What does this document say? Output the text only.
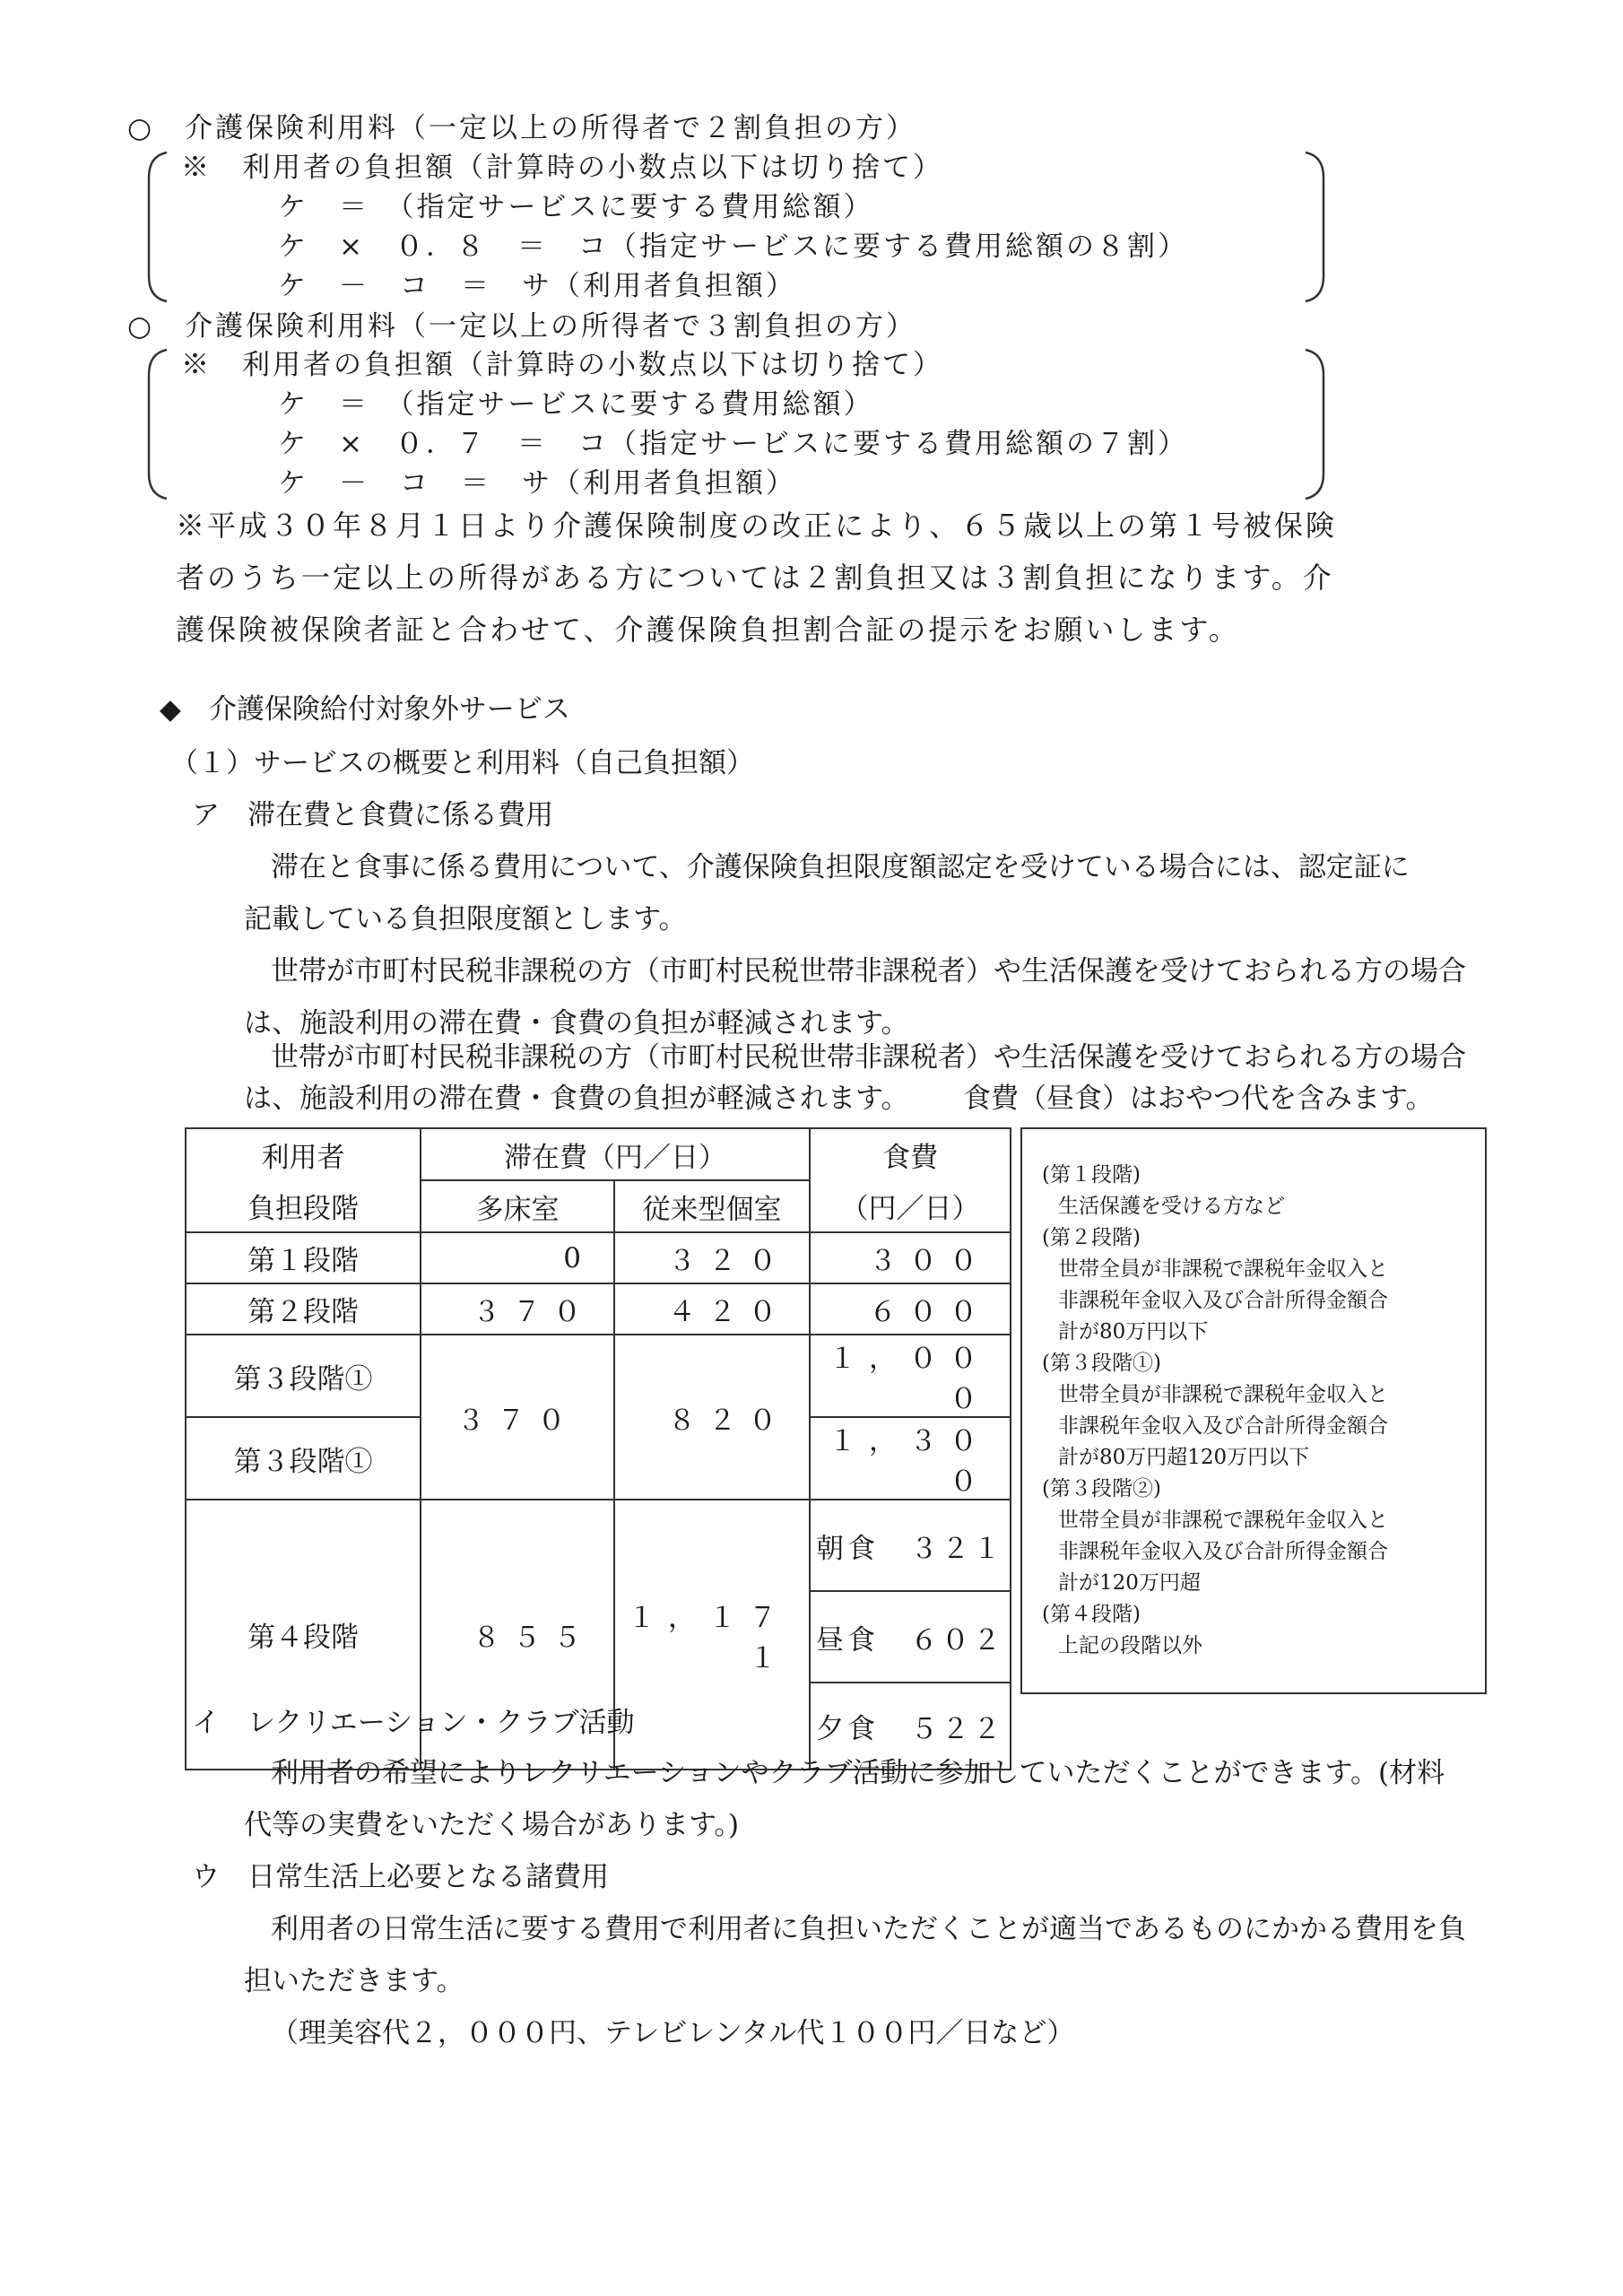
○　介護保険利用料（一定以上の所得者で２割負担の方）
※　利用者の負担額（計算時の小数点以下は切り捨て）
ケ　＝　（指定サービスに要する費用総額）
ケ　×　０．８　＝　コ（指定サービスに要する費用総額の８割）
ケ　－　コ　＝　サ（利用者負担額）
○　介護保険利用料（一定以上の所得者で３割負担の方）
※　利用者の負担額（計算時の小数点以下は切り捨て）
ケ　＝　（指定サービスに要する費用総額）
ケ　×　０．７　＝　コ（指定サービスに要する費用総額の７割）
ケ　－　コ　＝　サ（利用者負担額）
※平成３０年８月１日より介護保険制度の改正により、６５歳以上の第１号被保険
者のうち一定以上の所得がある方については２割負担又は３割負担になります。介
護保険被保険者証と合わせて、介護保険負担割合証の提示をお願いします。
◆　介護保険給付対象外サービス
（１）サービスの概要と利用料（自己負担額）
ア　滞在費と食費に係る費用
滞在と食事に係る費用について、介護保険負担限度額認定を受けている場合には、認定証に
記載している負担限度額とします。
世帯が市町村民税非課税の方（市町村民税世帯非課税者）や生活保護を受けておられる方の場合
は、施設利用の滞在費・食費の負担が軽減されます。
世帯が市町村民税非課税の方（市町村民税世帯非課税者）や生活保護を受けておられる方の場合
は、施設利用の滞在費・食費の負担が軽減されます。 食費（昼食）はおやつ代を含みます。
利用者	滞在費（円／日）		食費
負担段階	多床室	従来型個室	（円／日）
第１段階	0	３２０	３００
第２段階	３７０	４２０	６００
第３段階①	３７０	８２０	１，０００
第３段階①			１，３００
第４段階	８５５	１，１７１	朝食　３２１
			昼食　６０２
			夕食　５２２
(第１段階)
生活保護を受ける方など
(第２段階)
世帯全員が非課税で課税年金収入と
非課税年金収入及び合計所得金額合
計が80万円以下
(第３段階①)
世帯全員が非課税で課税年金収入と
非課税年金収入及び合計所得金額合
計が80万円超120万円以下
(第３段階②)
世帯全員が非課税で課税年金収入と
非課税年金収入及び合計所得金額合
計が120万円超
(第４段階)
上記の段階以外
イ　レクリエーション・クラブ活動
利用者の希望によりレクリエーションやクラブ活動に参加していただくことができます。(材料
代等の実費をいただく場合があります。)
ウ　日常生活上必要となる諸費用
利用者の日常生活に要する費用で利用者に負担いただくことが適当であるものにかかる費用を負
担いただきます。
（理美容代２，０００円、テレビレンタル代１００円／日など）
